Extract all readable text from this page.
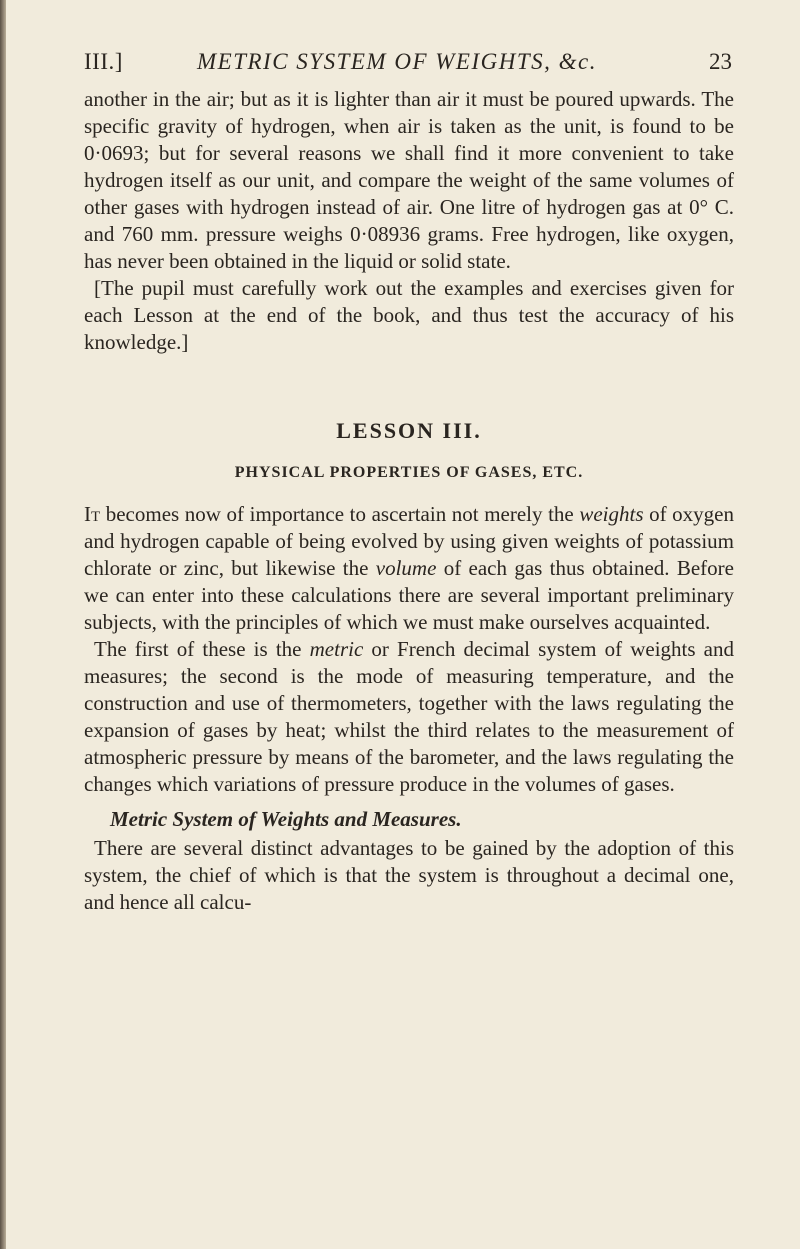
III.]	METRIC SYSTEM OF WEIGHTS, &c.	23

another in the air; but as it is lighter than air it must be poured upwards. The specific gravity of hydrogen, when air is taken as the unit, is found to be 0·0693; but for several reasons we shall find it more convenient to take hydrogen itself as our unit, and compare the weight of the same volumes of other gases with hydrogen instead of air. One litre of hydrogen gas at 0° C. and 760 mm. pressure weighs 0·08936 grams. Free hydrogen, like oxygen, has never been obtained in the liquid or solid state.

[The pupil must carefully work out the examples and exercises given for each Lesson at the end of the book, and thus test the accuracy of his knowledge.]

LESSON III.
PHYSICAL PROPERTIES OF GASES, ETC.

It becomes now of importance to ascertain not merely the weights of oxygen and hydrogen capable of being evolved by using given weights of potassium chlorate or zinc, but likewise the volume of each gas thus obtained. Before we can enter into these calculations there are several important preliminary subjects, with the principles of which we must make ourselves acquainted.

The first of these is the metric or French decimal system of weights and measures; the second is the mode of measuring temperature, and the construction and use of thermometers, together with the laws regulating the expansion of gases by heat; whilst the third relates to the measurement of atmospheric pressure by means of the barometer, and the laws regulating the changes which variations of pressure produce in the volumes of gases.

Metric System of Weights and Measures.

There are several distinct advantages to be gained by the adoption of this system, the chief of which is that the system is throughout a decimal one, and hence all calcu-
